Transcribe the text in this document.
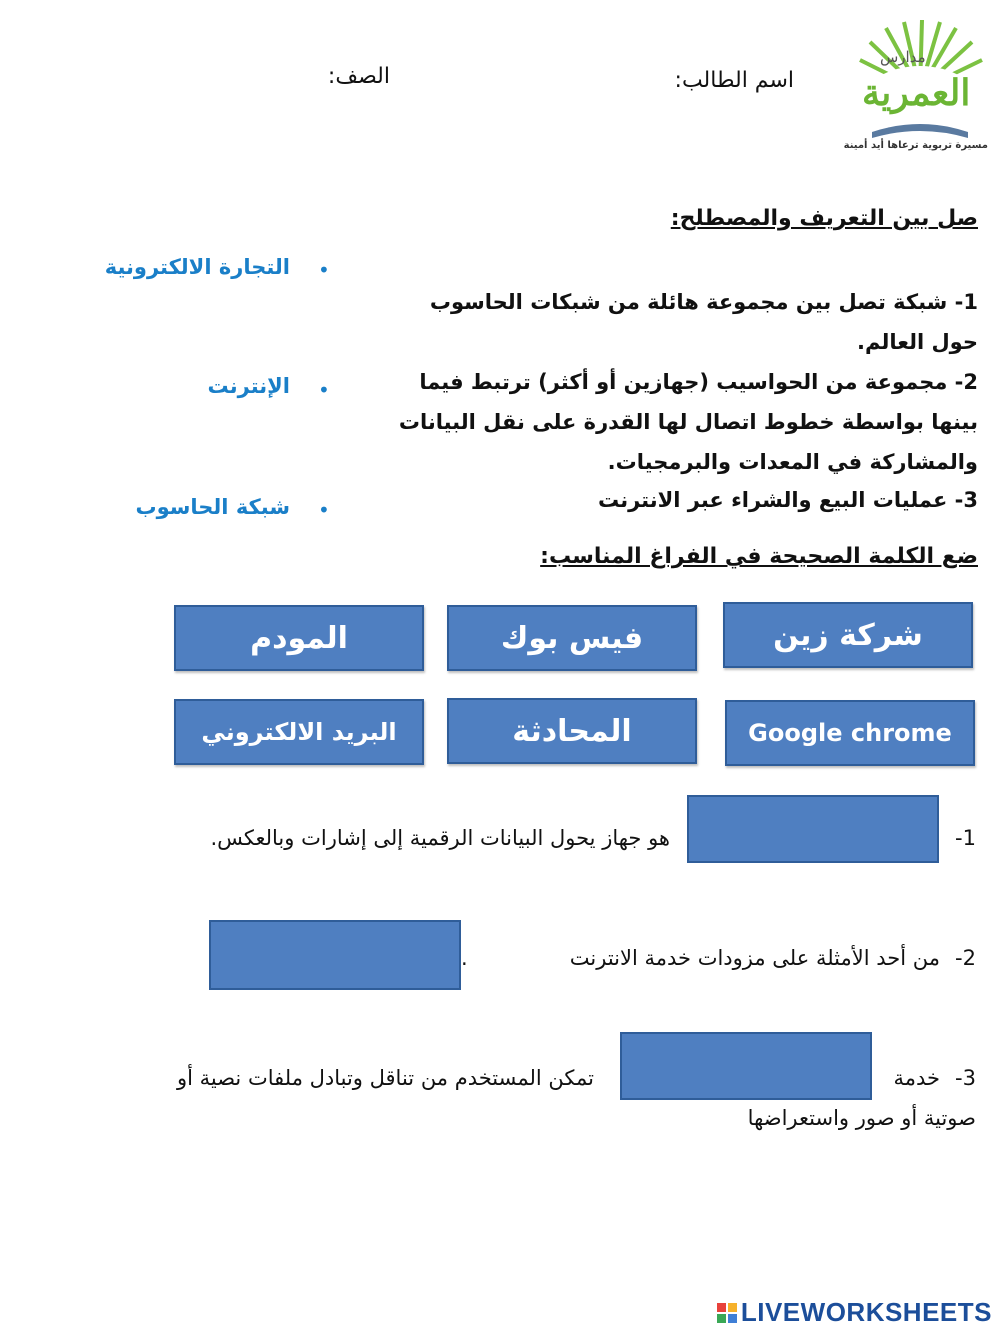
مدارس
العمرية
مسيرة تربوية ترعاها أيد أمينة
اسم الطالب:
الصف:
صل بين التعريف والمصطلح:
التجارة الالكترونية •
الإنترنت •
شبكة الحاسوب •
1- شبكة تصل بين مجموعة هائلة من شبكات الحاسوب
حول العالم.
2- مجموعة من الحواسيب (جهازين أو أكثر) ترتبط فيما
بينها بواسطة خطوط اتصال لها القدرة على نقل البيانات
والمشاركة في المعدات والبرمجيات.
3- عمليات البيع والشراء عبر الانترنت
ضع الكلمة الصحيحة في الفراغ المناسب:
شركة زين
فيس بوك
المودم
Google chrome
المحادثة
البريد الالكتروني
1-
هو جهاز يحول البيانات الرقمية إلى إشارات وبالعكس.
2-
من أحد الأمثلة على مزودات خدمة الانترنت
.
3-
خدمة
تمكن المستخدم من تناقل وتبادل ملفات نصية أو
صوتية أو صور واستعراضها
LIVEWORKSHEETS
